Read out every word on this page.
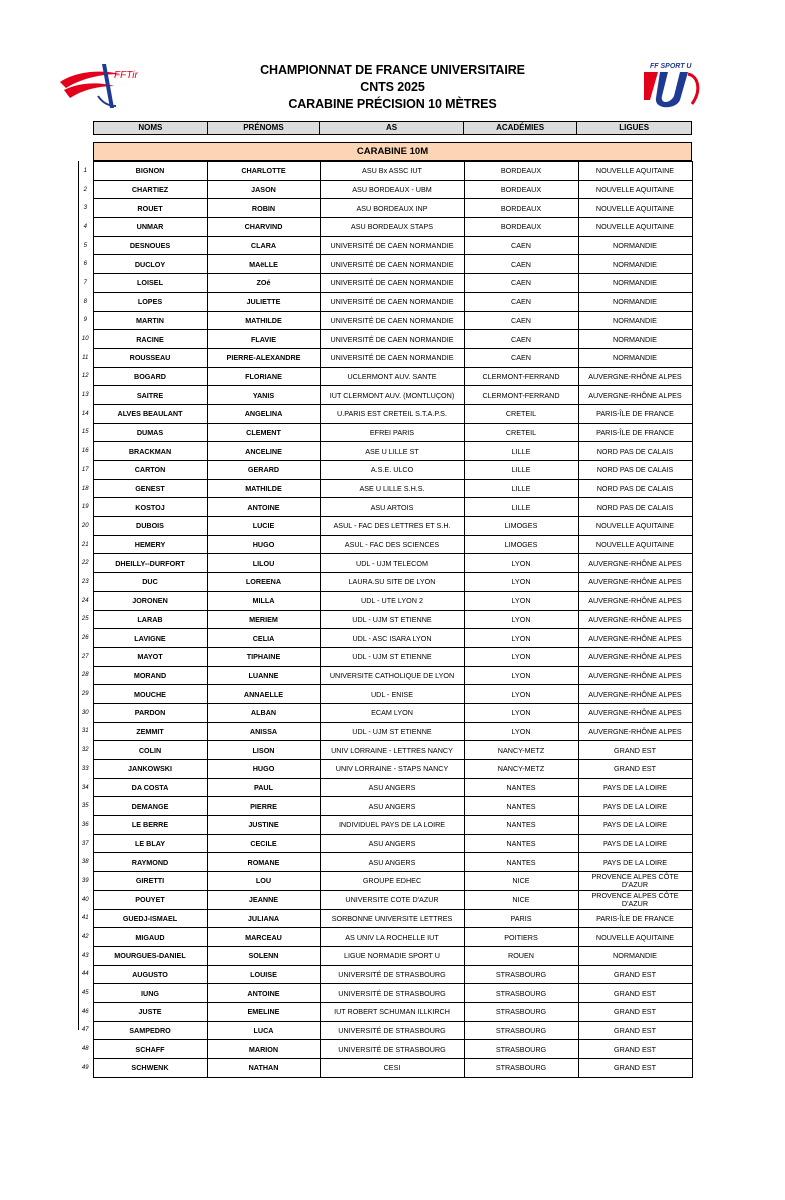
FFTir
FF SPORT U
CHAMPIONNAT DE FRANCE UNIVERSITAIRE
CNTS 2025
CARABINE PRÉCISION 10 MÈTRES
NOMS	PRÉNOMS	AS	ACADÉMIES	LIGUES
CARABINE 10M
1	BIGNON	CHARLOTTE	ASU Bx ASSC IUT	BORDEAUX	NOUVELLE AQUITAINE
2	CHARTIEZ	JASON	ASU BORDEAUX - UBM	BORDEAUX	NOUVELLE AQUITAINE
3	ROUET	ROBIN	ASU BORDEAUX INP	BORDEAUX	NOUVELLE AQUITAINE
4	UNMAR	CHARVIND	ASU BORDEAUX STAPS	BORDEAUX	NOUVELLE AQUITAINE
5	DESNOUES	CLARA	UNIVERSITÉ DE CAEN NORMANDIE	CAEN	NORMANDIE
6	DUCLOY	MAëLLE	UNIVERSITÉ DE CAEN NORMANDIE	CAEN	NORMANDIE
7	LOISEL	ZOé	UNIVERSITÉ DE CAEN NORMANDIE	CAEN	NORMANDIE
8	LOPES	JULIETTE	UNIVERSITÉ DE CAEN NORMANDIE	CAEN	NORMANDIE
9	MARTIN	MATHILDE	UNIVERSITÉ DE CAEN NORMANDIE	CAEN	NORMANDIE
10	RACINE	FLAVIE	UNIVERSITÉ DE CAEN NORMANDIE	CAEN	NORMANDIE
11	ROUSSEAU	PIERRE-ALEXANDRE	UNIVERSITÉ DE CAEN NORMANDIE	CAEN	NORMANDIE
12	BOGARD	FLORIANE	UCLERMONT AUV. SANTE	CLERMONT-FERRAND	AUVERGNE-RHÔNE ALPES
13	SAITRE	YANIS	IUT CLERMONT AUV. (MONTLUÇON)	CLERMONT-FERRAND	AUVERGNE-RHÔNE ALPES
14	ALVES BEAULANT	ANGELINA	U.PARIS EST CRETEIL S.T.A.P.S.	CRETEIL	PARIS-ÎLE DE FRANCE
15	DUMAS	CLEMENT	EFREI PARIS	CRETEIL	PARIS-ÎLE DE FRANCE
16	BRACKMAN	ANCELINE	ASE U LILLE ST	LILLE	NORD PAS DE CALAIS
17	CARTON	GERARD	A.S.E. ULCO	LILLE	NORD PAS DE CALAIS
18	GENEST	MATHILDE	ASE U LILLE S.H.S.	LILLE	NORD PAS DE CALAIS
19	KOSTOJ	ANTOINE	ASU ARTOIS	LILLE	NORD PAS DE CALAIS
20	DUBOIS	LUCIE	ASUL - FAC DES LETTRES ET S.H.	LIMOGES	NOUVELLE AQUITAINE
21	HEMERY	HUGO	ASUL - FAC DES SCIENCES	LIMOGES	NOUVELLE AQUITAINE
22	DHEILLY--DURFORT	LILOU	UDL - UJM TELECOM	LYON	AUVERGNE-RHÔNE ALPES
23	DUC	LOREENA	LAURA.SU SITE DE LYON	LYON	AUVERGNE-RHÔNE ALPES
24	JORONEN	MILLA	UDL - UTE LYON 2	LYON	AUVERGNE-RHÔNE ALPES
25	LARAB	MERIEM	UDL - UJM ST ETIENNE	LYON	AUVERGNE-RHÔNE ALPES
26	LAVIGNE	CELIA	UDL - ASC ISARA LYON	LYON	AUVERGNE-RHÔNE ALPES
27	MAYOT	TIPHAINE	UDL - UJM ST ETIENNE	LYON	AUVERGNE-RHÔNE ALPES
28	MORAND	LUANNE	UNIVERSITE CATHOLIQUE DE LYON	LYON	AUVERGNE-RHÔNE ALPES
29	MOUCHE	ANNAELLE	UDL - ENISE	LYON	AUVERGNE-RHÔNE ALPES
30	PARDON	ALBAN	ECAM LYON	LYON	AUVERGNE-RHÔNE ALPES
31	ZEMMIT	ANISSA	UDL - UJM ST ETIENNE	LYON	AUVERGNE-RHÔNE ALPES
32	COLIN	LISON	UNIV LORRAINE - LETTRES NANCY	NANCY-METZ	GRAND EST
33	JANKOWSKI	HUGO	UNIV LORRAINE - STAPS NANCY	NANCY-METZ	GRAND EST
34	DA COSTA	PAUL	ASU ANGERS	NANTES	PAYS DE LA LOIRE
35	DEMANGE	PIERRE	ASU ANGERS	NANTES	PAYS DE LA LOIRE
36	LE BERRE	JUSTINE	INDIVIDUEL PAYS DE LA LOIRE	NANTES	PAYS DE LA LOIRE
37	LE BLAY	CECILE	ASU ANGERS	NANTES	PAYS DE LA LOIRE
38	RAYMOND	ROMANE	ASU ANGERS	NANTES	PAYS DE LA LOIRE
39	GIRETTI	LOU	GROUPE EDHEC	NICE	PROVENCE ALPES CÔTE D'AZUR
40	POUYET	JEANNE	UNIVERSITE COTE D'AZUR	NICE	PROVENCE ALPES CÔTE D'AZUR
41	GUEDJ-ISMAEL	JULIANA	SORBONNE UNIVERSITE LETTRES	PARIS	PARIS-ÎLE DE FRANCE
42	MIGAUD	MARCEAU	AS UNIV LA ROCHELLE IUT	POITIERS	NOUVELLE AQUITAINE
43	MOURGUES-DANIEL	SOLENN	LIGUE NORMADIE SPORT U	ROUEN	NORMANDIE
44	AUGUSTO	LOUISE	UNIVERSITÉ DE STRASBOURG	STRASBOURG	GRAND EST
45	IUNG	ANTOINE	UNIVERSITÉ DE STRASBOURG	STRASBOURG	GRAND EST
46	JUSTE	EMELINE	IUT ROBERT SCHUMAN ILLKIRCH	STRASBOURG	GRAND EST
47	SAMPEDRO	LUCA	UNIVERSITÉ DE STRASBOURG	STRASBOURG	GRAND EST
48	SCHAFF	MARION	UNIVERSITÉ DE STRASBOURG	STRASBOURG	GRAND EST
49	SCHWENK	NATHAN	CESI	STRASBOURG	GRAND EST
